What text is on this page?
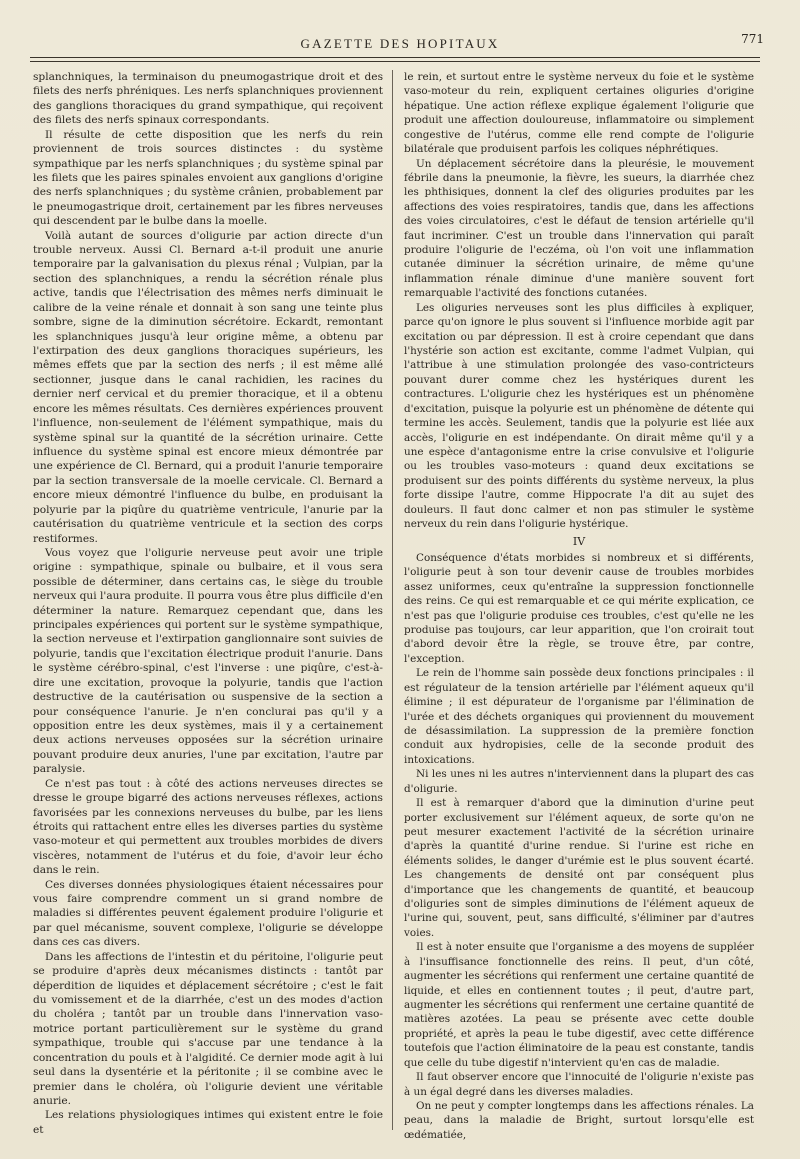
GAZETTE DES HOPITAUX	771

splanchniques, la terminaison du pneumogastrique droit et des filets des nerfs phréniques. Les nerfs splanchniques proviennent des ganglions thoraciques du grand sympathique, qui reçoivent des filets des nerfs spinaux correspondants.

Il résulte de cette disposition que les nerfs du rein proviennent de trois sources distinctes : du système sympathique par les nerfs splanchniques ; du système spinal par les filets que les paires spinales envoient aux ganglions d'origine des nerfs splanchniques ; du système crânien, probablement par le pneumogastrique droit, certainement par les fibres nerveuses qui descendent par le bulbe dans la moelle.

Voilà autant de sources d'oligurie par action directe d'un trouble nerveux. Aussi Cl. Bernard a-t-il produit une anurie temporaire par la galvanisation du plexus rénal ; Vulpian, par la section des splanchniques, a rendu la sécrétion rénale plus active, tandis que l'électrisation des mêmes nerfs diminuait le calibre de la veine rénale et donnait à son sang une teinte plus sombre, signe de la diminution sécrétoire. Eckardt, remontant les splanchniques jusqu'à leur origine même, a obtenu par l'extirpation des deux ganglions thoraciques supérieurs, les mêmes effets que par la section des nerfs ; il est même allé sectionner, jusque dans le canal rachidien, les racines du dernier nerf cervical et du premier thoracique, et il a obtenu encore les mêmes résultats. Ces dernières expériences prouvent l'influence, non-seulement de l'élément sympathique, mais du système spinal sur la quantité de la sécrétion urinaire. Cette influence du système spinal est encore mieux démontrée par une expérience de Cl. Bernard, qui a produit l'anurie temporaire par la section transversale de la moelle cervicale. Cl. Bernard a encore mieux démontré l'influence du bulbe, en produisant la polyurie par la piqûre du quatrième ventricule, l'anurie par la cautérisation du quatrième ventricule et la section des corps restiformes.

Vous voyez que l'oligurie nerveuse peut avoir une triple origine : sympathique, spinale ou bulbaire, et il vous sera possible de déterminer, dans certains cas, le siège du trouble nerveux qui l'aura produite. Il pourra vous être plus difficile d'en déterminer la nature. Remarquez cependant que, dans les principales expériences qui portent sur le système sympathique, la section nerveuse et l'extirpation ganglionnaire sont suivies de polyurie, tandis que l'excitation électrique produit l'anurie. Dans le système cérébro-spinal, c'est l'inverse : une piqûre, c'est-à-dire une excitation, provoque la polyurie, tandis que l'action destructive de la cautérisation ou suspensive de la section a pour conséquence l'anurie. Je n'en conclurai pas qu'il y a opposition entre les deux systèmes, mais il y a certainement deux actions nerveuses opposées sur la sécrétion urinaire pouvant produire deux anuries, l'une par excitation, l'autre par paralysie.

Ce n'est pas tout : à côté des actions nerveuses directes se dresse le groupe bigarré des actions nerveuses réflexes, actions favorisées par les connexions nerveuses du bulbe, par les liens étroits qui rattachent entre elles les diverses parties du système vaso-moteur et qui permettent aux troubles morbides de divers viscères, notamment de l'utérus et du foie, d'avoir leur écho dans le rein.

Ces diverses données physiologiques étaient nécessaires pour vous faire comprendre comment un si grand nombre de maladies si différentes peuvent également produire l'oligurie et par quel mécanisme, souvent complexe, l'oligurie se développe dans ces cas divers.

Dans les affections de l'intestin et du péritoine, l'oligurie peut se produire d'après deux mécanismes distincts : tantôt par déperdition de liquides et déplacement sécrétoire ; c'est le fait du vomissement et de la diarrhée, c'est un des modes d'action du choléra ; tantôt par un trouble dans l'innervation vaso-motrice portant particulièrement sur le système du grand sympathique, trouble qui s'accuse par une tendance à la concentration du pouls et à l'algidité. Ce dernier mode agit à lui seul dans la dysentérie et la péritonite ; il se combine avec le premier dans le choléra, où l'oligurie devient une véritable anurie.

Les relations physiologiques intimes qui existent entre le foie et

le rein, et surtout entre le système nerveux du foie et le système vaso-moteur du rein, expliquent certaines oliguries d'origine hépatique. Une action réflexe explique également l'oligurie que produit une affection douloureuse, inflammatoire ou simplement congestive de l'utérus, comme elle rend compte de l'oligurie bilatérale que produisent parfois les coliques néphrétiques.

Un déplacement sécrétoire dans la pleurésie, le mouvement fébrile dans la pneumonie, la fièvre, les sueurs, la diarrhée chez les phthisiques, donnent la clef des oliguries produites par les affections des voies respiratoires, tandis que, dans les affections des voies circulatoires, c'est le défaut de tension artérielle qu'il faut incriminer. C'est un trouble dans l'innervation qui paraît produire l'oligurie de l'eczéma, où l'on voit une inflammation cutanée diminuer la sécrétion urinaire, de même qu'une inflammation rénale diminue d'une manière souvent fort remarquable l'activité des fonctions cutanées.

Les oliguries nerveuses sont les plus difficiles à expliquer, parce qu'on ignore le plus souvent si l'influence morbide agit par excitation ou par dépression. Il est à croire cependant que dans l'hystérie son action est excitante, comme l'admet Vulpian, qui l'attribue à une stimulation prolongée des vaso-contricteurs pouvant durer comme chez les hystériques durent les contractures. L'oligurie chez les hystériques est un phénomène d'excitation, puisque la polyurie est un phénomène de détente qui termine les accès. Seulement, tandis que la polyurie est liée aux accès, l'oligurie en est indépendante. On dirait même qu'il y a une espèce d'antagonisme entre la crise convulsive et l'oligurie ou les troubles vaso-moteurs : quand deux excitations se produisent sur des points différents du système nerveux, la plus forte dissipe l'autre, comme Hippocrate l'a dit au sujet des douleurs. Il faut donc calmer et non pas stimuler le système nerveux du rein dans l'oligurie hystérique.

IV

Conséquence d'états morbides si nombreux et si différents, l'oligurie peut à son tour devenir cause de troubles morbides assez uniformes, ceux qu'entraîne la suppression fonctionnelle des reins. Ce qui est remarquable et ce qui mérite explication, ce n'est pas que l'oligurie produise ces troubles, c'est qu'elle ne les produise pas toujours, car leur apparition, que l'on croirait tout d'abord devoir être la règle, se trouve être, par contre, l'exception.

Le rein de l'homme sain possède deux fonctions principales : il est régulateur de la tension artérielle par l'élément aqueux qu'il élimine ; il est dépurateur de l'organisme par l'élimination de l'urée et des déchets organiques qui proviennent du mouvement de désassimilation. La suppression de la première fonction conduit aux hydropisies, celle de la seconde produit des intoxications.

Ni les unes ni les autres n'interviennent dans la plupart des cas d'oligurie.

Il est à remarquer d'abord que la diminution d'urine peut porter exclusivement sur l'élément aqueux, de sorte qu'on ne peut mesurer exactement l'activité de la sécrétion urinaire d'après la quantité d'urine rendue. Si l'urine est riche en éléments solides, le danger d'urémie est le plus souvent écarté. Les changements de densité ont par conséquent plus d'importance que les changements de quantité, et beaucoup d'oliguries sont de simples diminutions de l'élément aqueux de l'urine qui, souvent, peut, sans difficulté, s'éliminer par d'autres voies.

Il est à noter ensuite que l'organisme a des moyens de suppléer à l'insuffisance fonctionnelle des reins. Il peut, d'un côté, augmenter les sécrétions qui renferment une certaine quantité de liquide, et elles en contiennent toutes ; il peut, d'autre part, augmenter les sécrétions qui renferment une certaine quantité de matières azotées. La peau se présente avec cette double propriété, et après la peau le tube digestif, avec cette différence toutefois que l'action éliminatoire de la peau est constante, tandis que celle du tube digestif n'intervient qu'en cas de maladie.

Il faut observer encore que l'innocuité de l'oligurie n'existe pas à un égal degré dans les diverses maladies.

On ne peut y compter longtemps dans les affections rénales. La peau, dans la maladie de Bright, surtout lorsqu'elle est œdématiée,
